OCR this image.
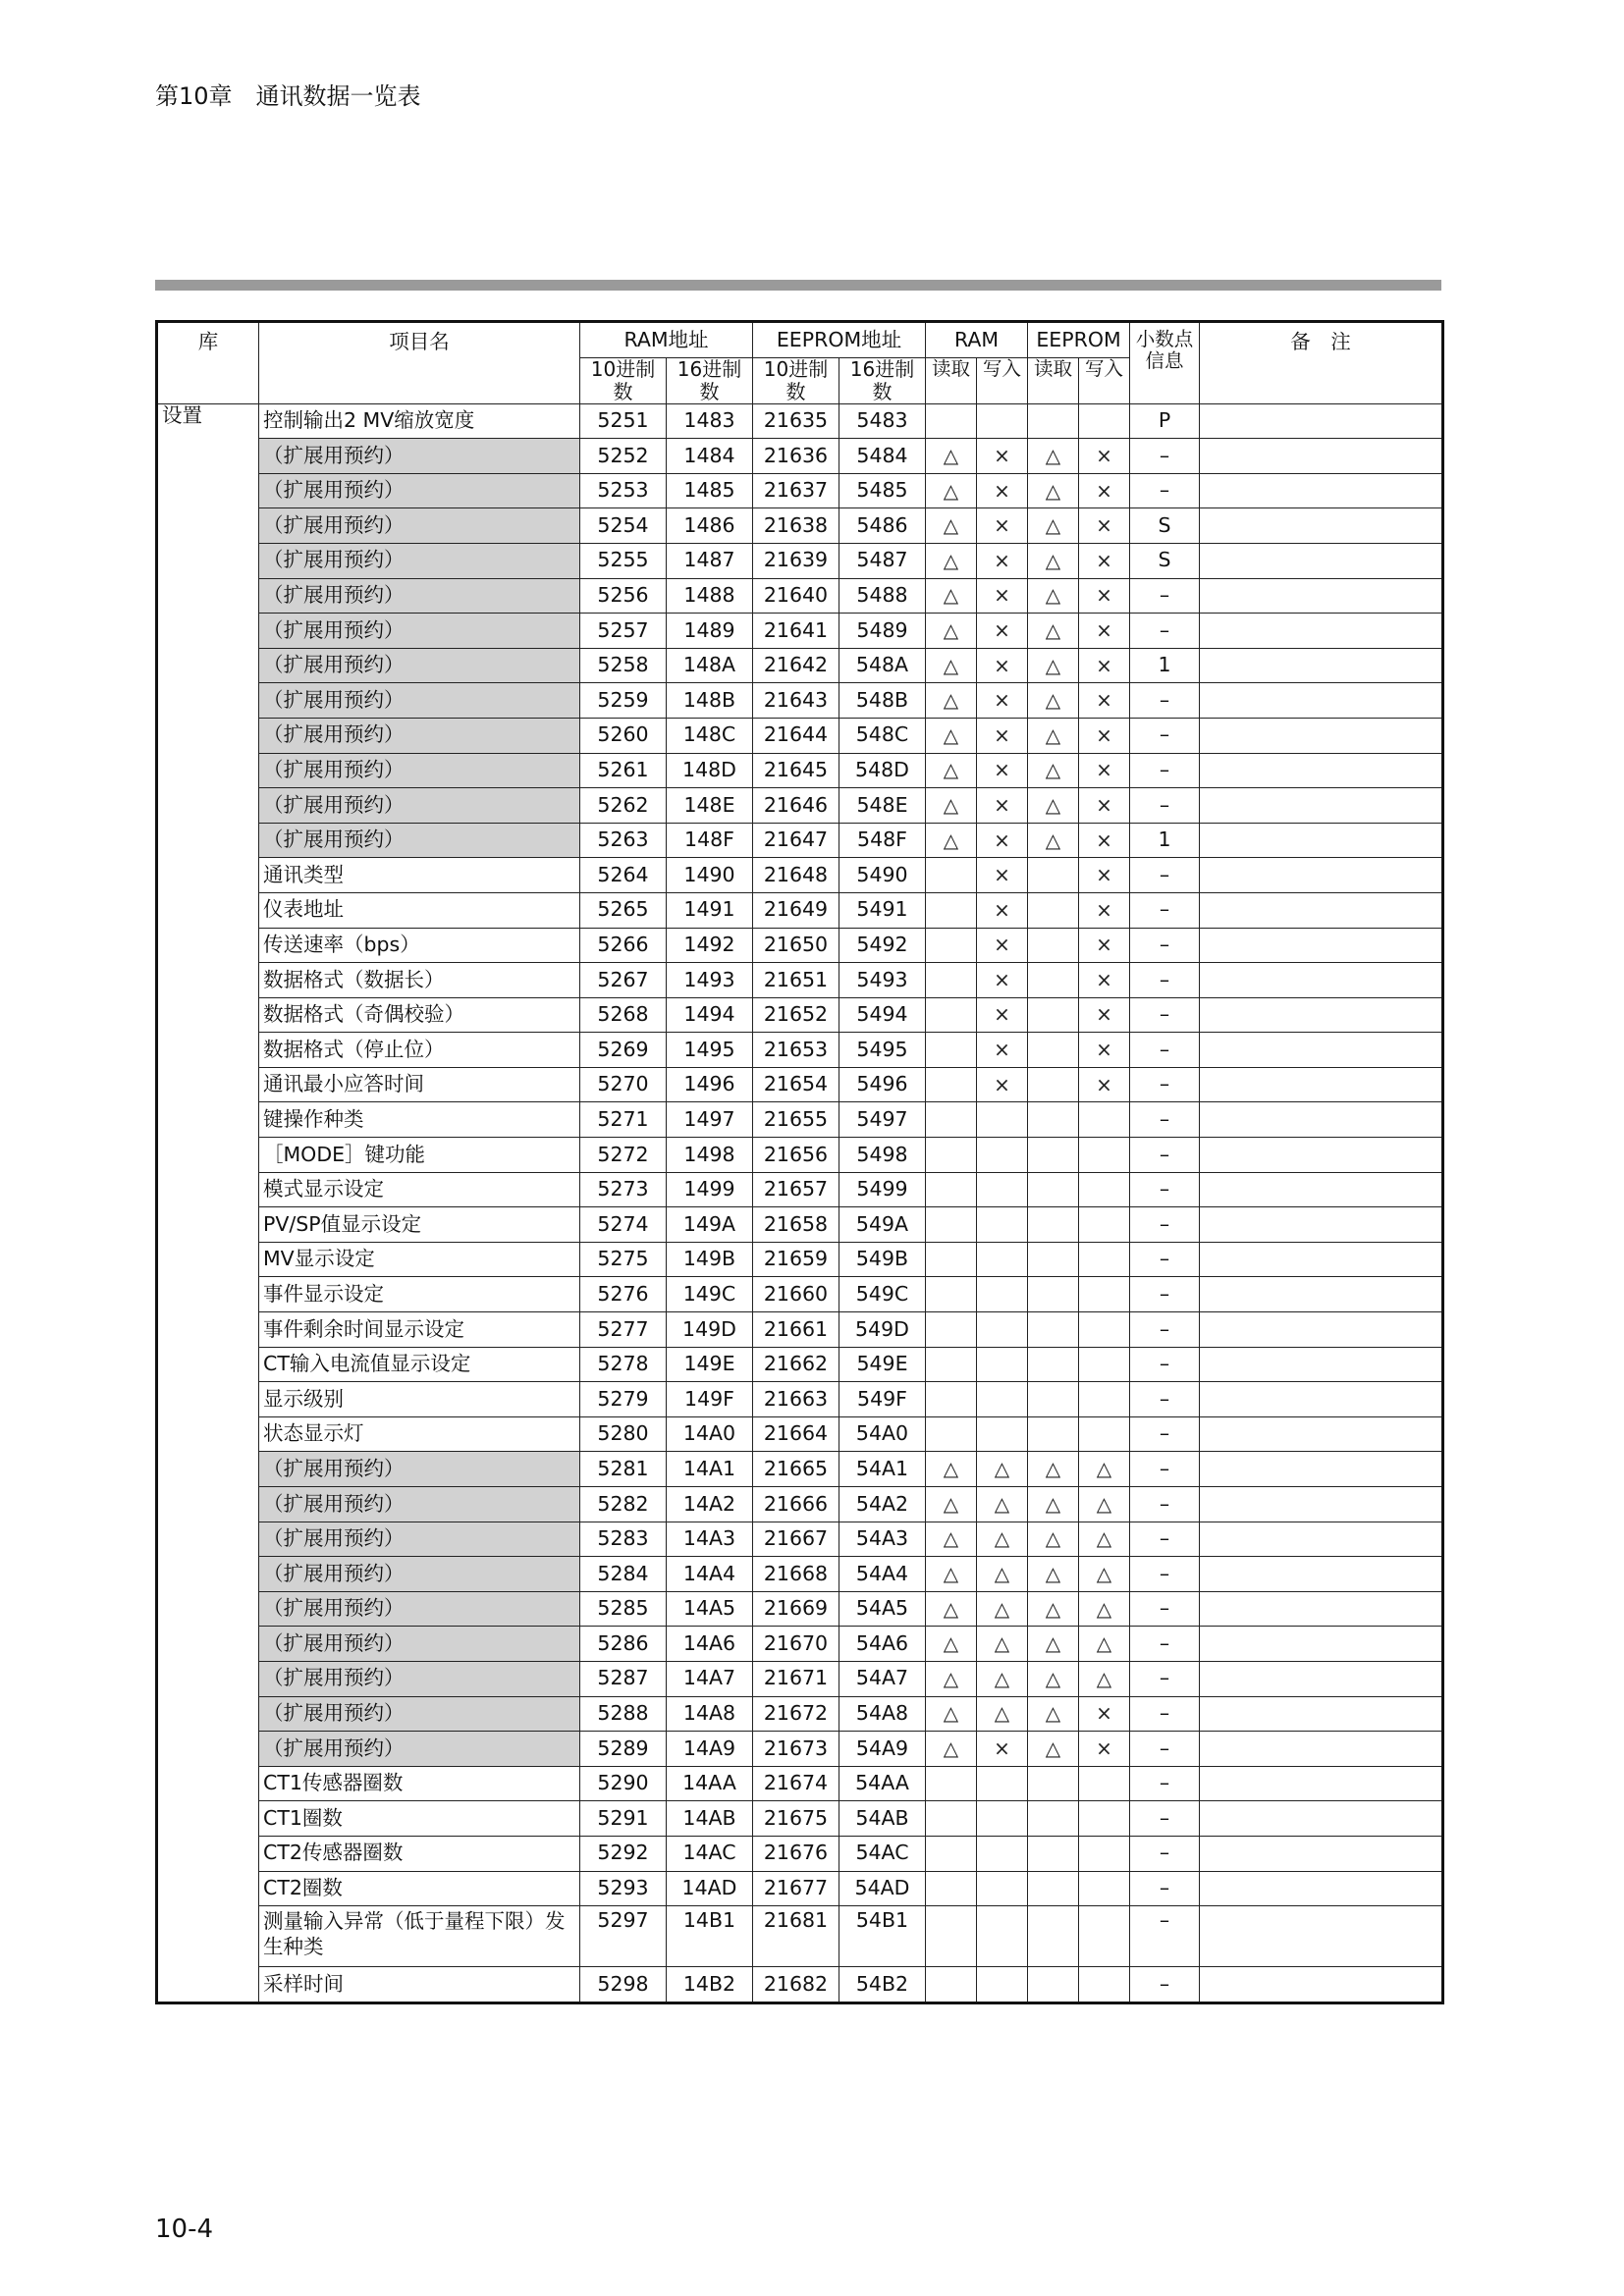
第10章　通讯数据一览表
库	项目名	RAM地址		EEPROM地址		RAM		EEPROM		小数点信息	备　注
		10进制数	16进制数	10进制数	16进制数	读取	写入	读取	写入		
设置	控制输出2 MV缩放宽度	5251	1483	21635	5483					P	
	（扩展用预约）	5252	1484	21636	5484	△	×	△	×	–	
	（扩展用预约）	5253	1485	21637	5485	△	×	△	×	–	
	（扩展用预约）	5254	1486	21638	5486	△	×	△	×	S	
	（扩展用预约）	5255	1487	21639	5487	△	×	△	×	S	
	（扩展用预约）	5256	1488	21640	5488	△	×	△	×	–	
	（扩展用预约）	5257	1489	21641	5489	△	×	△	×	–	
	（扩展用预约）	5258	148A	21642	548A	△	×	△	×	1	
	（扩展用预约）	5259	148B	21643	548B	△	×	△	×	–	
	（扩展用预约）	5260	148C	21644	548C	△	×	△	×	–	
	（扩展用预约）	5261	148D	21645	548D	△	×	△	×	–	
	（扩展用预约）	5262	148E	21646	548E	△	×	△	×	–	
	（扩展用预约）	5263	148F	21647	548F	△	×	△	×	1	
	通讯类型	5264	1490	21648	5490		×		×	–	
	仪表地址	5265	1491	21649	5491		×		×	–	
	传送速率（bps）	5266	1492	21650	5492		×		×	–	
	数据格式（数据长）	5267	1493	21651	5493		×		×	–	
	数据格式（奇偶校验）	5268	1494	21652	5494		×		×	–	
	数据格式（停止位）	5269	1495	21653	5495		×		×	–	
	通讯最小应答时间	5270	1496	21654	5496		×		×	–	
	键操作种类	5271	1497	21655	5497					–	
	［MODE］键功能	5272	1498	21656	5498					–	
	模式显示设定	5273	1499	21657	5499					–	
	PV/SP值显示设定	5274	149A	21658	549A					–	
	MV显示设定	5275	149B	21659	549B					–	
	事件显示设定	5276	149C	21660	549C					–	
	事件剩余时间显示设定	5277	149D	21661	549D					–	
	CT输入电流值显示设定	5278	149E	21662	549E					–	
	显示级别	5279	149F	21663	549F					–	
	状态显示灯	5280	14A0	21664	54A0					–	
	（扩展用预约）	5281	14A1	21665	54A1	△	△	△	△	–	
	（扩展用预约）	5282	14A2	21666	54A2	△	△	△	△	–	
	（扩展用预约）	5283	14A3	21667	54A3	△	△	△	△	–	
	（扩展用预约）	5284	14A4	21668	54A4	△	△	△	△	–	
	（扩展用预约）	5285	14A5	21669	54A5	△	△	△	△	–	
	（扩展用预约）	5286	14A6	21670	54A6	△	△	△	△	–	
	（扩展用预约）	5287	14A7	21671	54A7	△	△	△	△	–	
	（扩展用预约）	5288	14A8	21672	54A8	△	△	△	×	–	
	（扩展用预约）	5289	14A9	21673	54A9	△	×	△	×	–	
	CT1传感器圈数	5290	14AA	21674	54AA					–	
	CT1圈数	5291	14AB	21675	54AB					–	
	CT2传感器圈数	5292	14AC	21676	54AC					–	
	CT2圈数	5293	14AD	21677	54AD					–	
	测量输入异常（低于量程下限）发生种类	5297	14B1	21681	54B1					–	
	采样时间	5298	14B2	21682	54B2					–	
10-4
